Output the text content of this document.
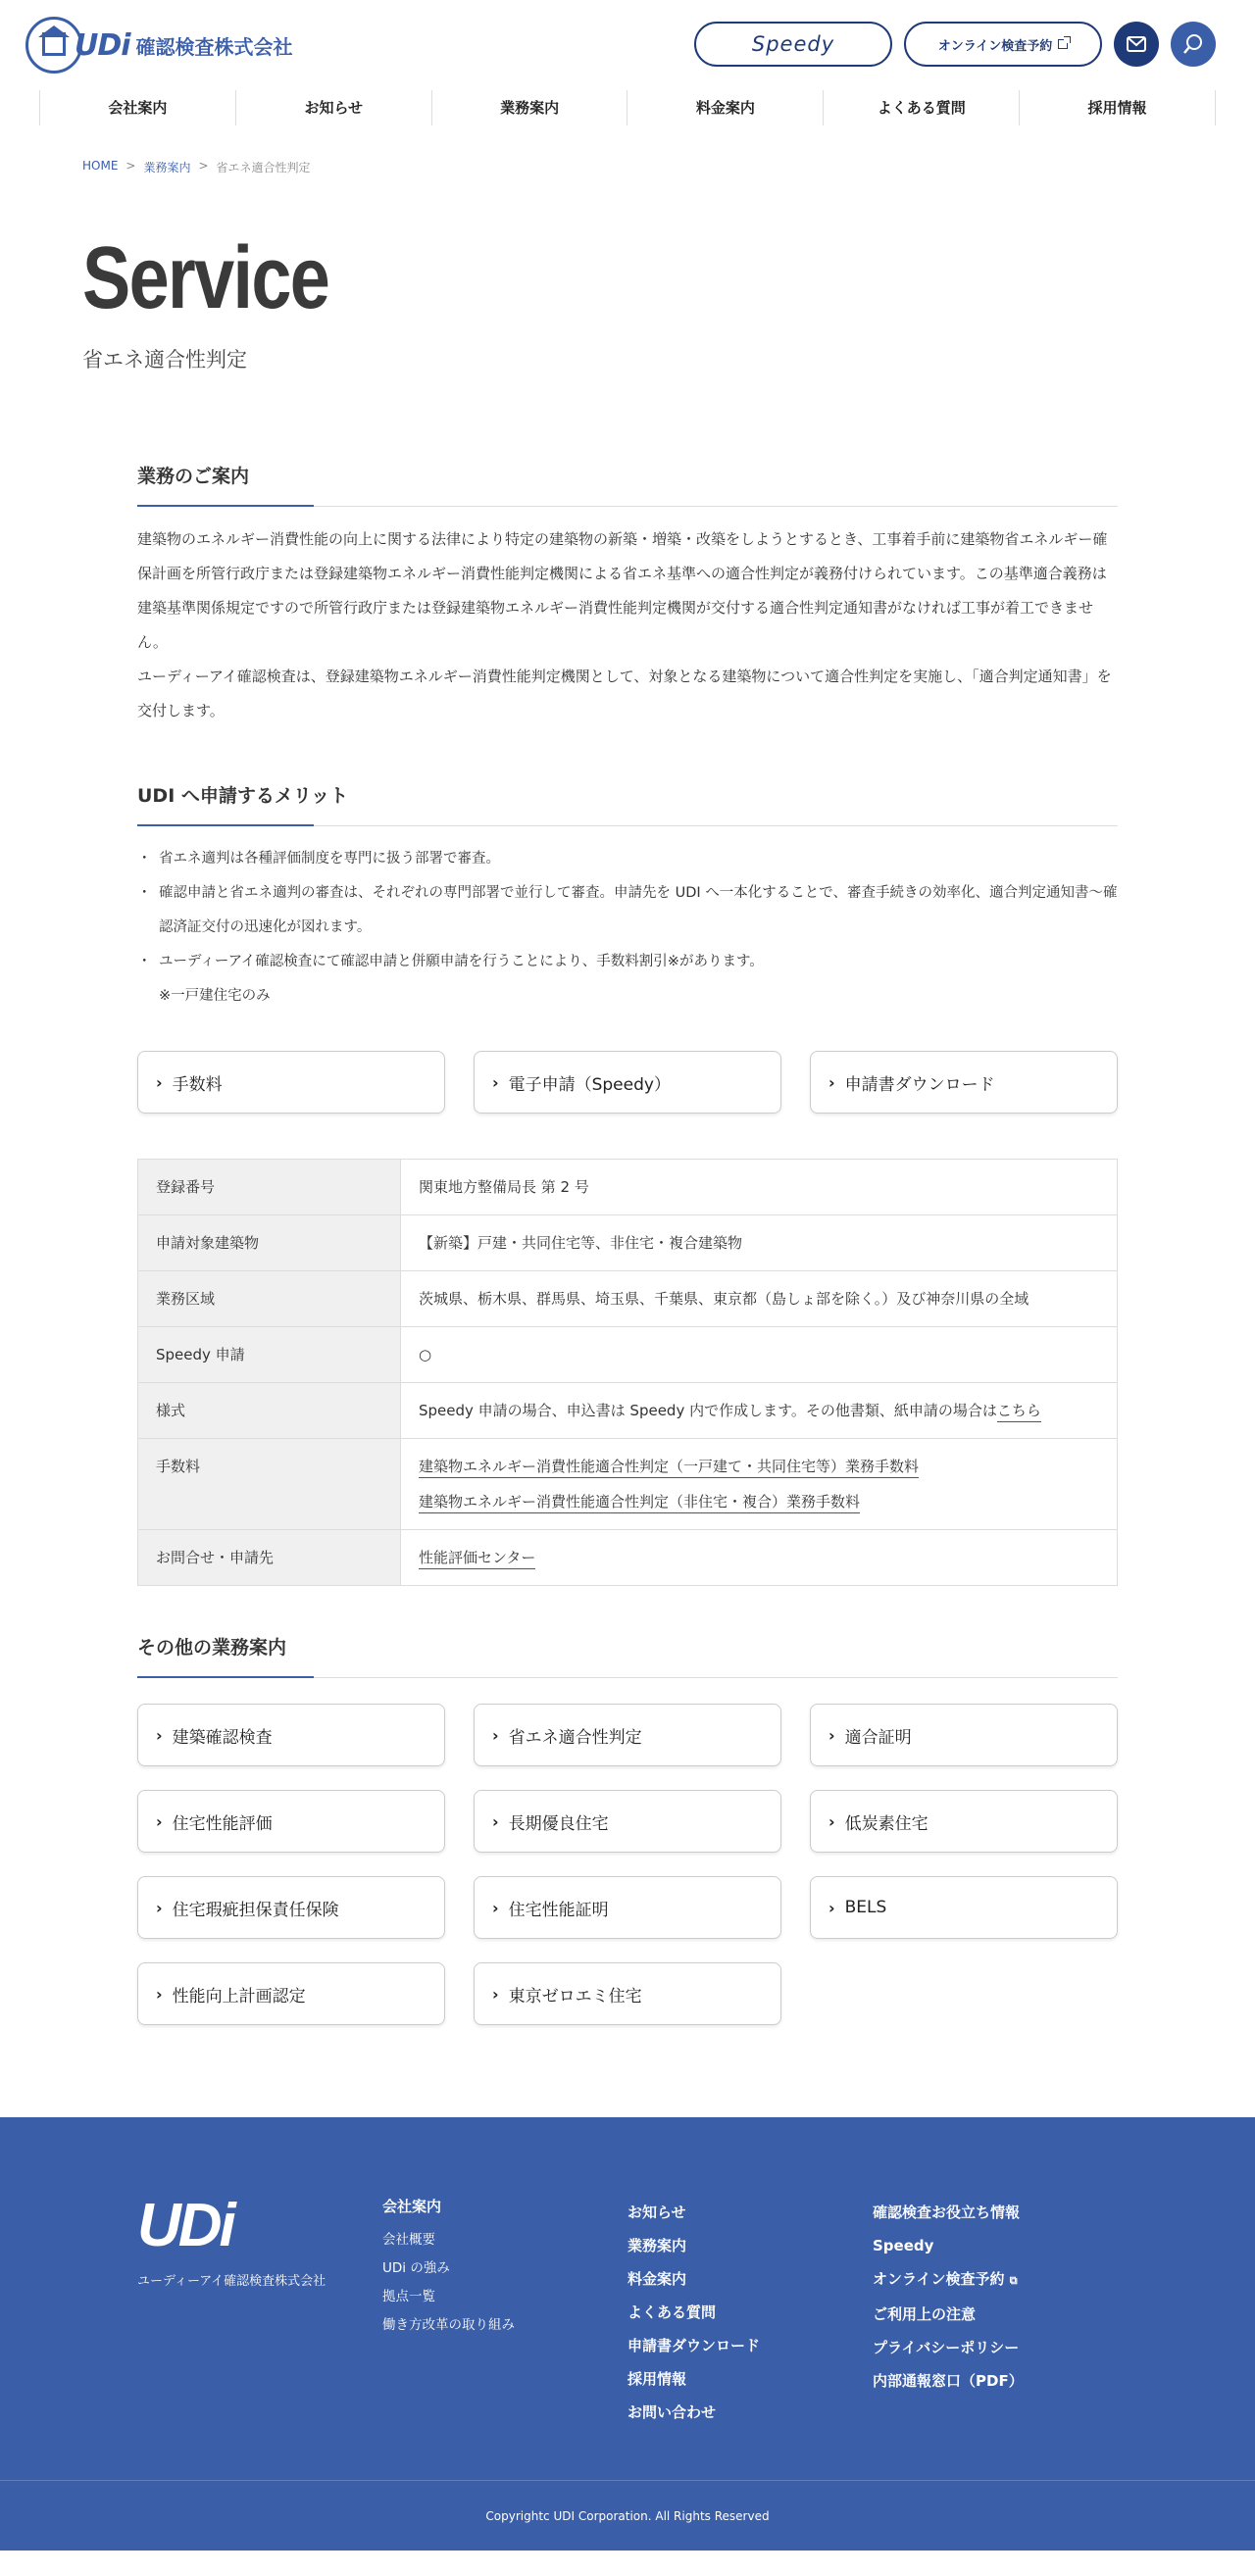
UDi 確認検査株式会社	Speedy	オンライン検査予約
会社案内	お知らせ	業務案内	料金案内	よくある質問	採用情報
HOME > 業務案内 > 省エネ適合性判定
Service
省エネ適合性判定
業務のご案内

建築物のエネルギー消費性能の向上に関する法律により特定の建築物の新築・増築・改築をしようとするとき、工事着手前に建築物省エネルギー確保計画を所管行政庁または登録建築物エネルギー消費性能判定機関による省エネ基準への適合性判定が義務付けられています。この基準適合義務は建築基準関係規定ですので所管行政庁または登録建築物エネルギー消費性能判定機関が交付する適合性判定通知書がなければ工事が着工できません。

ユーディーアイ確認検査は、登録建築物エネルギー消費性能判定機関として、対象となる建築物について適合性判定を実施し、「適合判定通知書」を交付します。

UDI へ申請するメリット
・ 省エネ適判は各種評価制度を専門に扱う部署で審査。
・ 確認申請と省エネ適判の審査は、それぞれの専門部署で並行して審査。申請先を UDI へ一本化することで、審査手続きの効率化、適合判定通知書～確認済証交付の迅速化が図れます。
・ ユーディーアイ確認検査にて確認申請と併願申請を行うことにより、手数料割引※があります。
※一戸建住宅のみ
› 手数料	› 電子申請（Speedy）	› 申請書ダウンロード
登録番号	関東地方整備局長 第 2 号
申請対象建築物	【新築】戸建・共同住宅等、非住宅・複合建築物
業務区域	茨城県、栃木県、群馬県、埼玉県、千葉県、東京都（島しょ部を除く。）及び神奈川県の全域
Speedy 申請	○
様式	Speedy 申請の場合、申込書は Speedy 内で作成します。その他書類、紙申請の場合はこちら
手数料	建築物エネルギー消費性能適合性判定（一戸建て・共同住宅等）業務手数料
建築物エネルギー消費性能適合性判定（非住宅・複合）業務手数料

お問合せ・申請先	性能評価センター
その他の業務案内
› 建築確認検査	› 省エネ適合性判定	› 適合証明
› 住宅性能評価	› 長期優良住宅	› 低炭素住宅
› 住宅瑕疵担保責任保険	› 住宅性能証明	› BELS
› 性能向上計画認定	› 東京ゼロエミ住宅
UDi
ユーディーアイ確認検査株式会社
会社案内
会社概要
UDi の強み
拠点一覧
働き方改革の取り組み
お知らせ
業務案内
料金案内
よくある質問
申請書ダウンロード
採用情報
お問い合わせ
確認検査お役立ち情報
Speedy
オンライン検査予約 ⧉
ご利用上の注意
プライバシーポリシー
内部通報窓口（PDF）
Copyrightc UDI Corporation. All Rights Reserved
